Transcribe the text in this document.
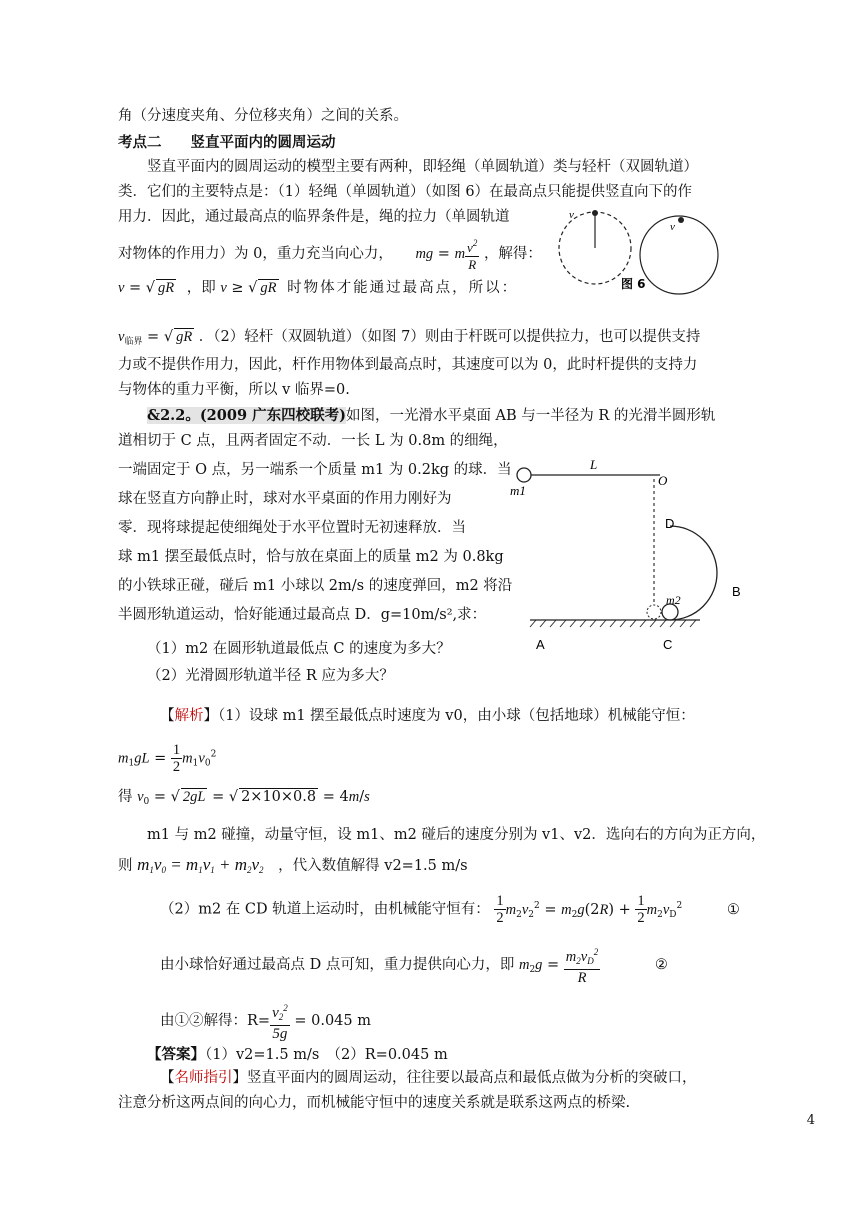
角（分速度夹角、分位移夹角）之间的关系。
考点二　　竖直平面内的圆周运动
竖直平面内的圆周运动的模型主要有两种，即轻绳（单圆轨道）类与轻杆（双圆轨道）
类．它们的主要特点是：（1）轻绳（单圆轨道）（如图 6）在最高点只能提供竖直向下的作
用力．因此，通过最高点的临界条件是，绳的拉力（单圆轨道
对物体的作用力）为 0，重力充当向心力， mg = m $\frac{v^2}{R}$ ，解得：
v = √ gR ，即 v ≥ √ gR 时物体才能通过最高点，所以：
v
v
图 6
$v_{临界}$ = √ gR ．（2）轻杆（双圆轨道）（如图 7）则由于杆既可以提供拉力，也可以提供支持
力或不提供作用力，因此，杆作用物体到最高点时，其速度可以为 0，此时杆提供的支持力
与物体的重力平衡，所以 v 临界=0.
&2.2。(2009 广东四校联考)如图，一光滑水平桌面 AB 与一半径为 R 的光滑半圆形轨
道相切于 C 点，且两者固定不动．一长 L 为 0.8m 的细绳，
一端固定于 O 点，另一端系一个质量 m1 为 0.2kg 的球．当
球在竖直方向静止时，球对水平桌面的作用力刚好为
零．现将球提起使细绳处于水平位置时无初速释放．当
球 m1 摆至最低点时，恰与放在桌面上的质量 m2 为 0.8kg
的小铁球正碰，碰后 m1 小球以 2m/s 的速度弹回，m2 将沿
半圆形轨道运动，恰好能通过最高点 D．g=10m/s²,求：
（1）m2 在圆形轨道最低点 C 的速度为多大？
（2）光滑圆形轨道半径 R 应为多大？
m1
L
O
D
B
m2
A	C
【解析】（1）设球 m1 摆至最低点时速度为 v0，由小球（包括地球）机械能守恒：
$m_1gL = \frac{1}{2} m_1v_0^2$
得 $v_0$ = √ 2gL = √ 2×10×0.8 = 4m/s
m1 与 m2 碰撞，动量守恒，设 m1、m2 碰后的速度分别为 v1、v2．选向右的方向为正方向，
则 $m_1v_0 = m_1v_1 + m_2v_2$ ，代入数值解得 v2=1.5 m/s
（2）m2 在 CD 轨道上运动时，由机械能守恒有： $\frac{1}{2} m_2v_2^2 = m_2g(2R) + \frac{1}{2} m_2v_D^2$	①
由小球恰好通过最高点 D 点可知，重力提供向心力，即 $m_2g = \frac{m_2v_D^2}{R}$	②
由①②解得：$R= \frac{v_2^2}{5g} = 0.045$ m
【答案】（1）v2=1.5 m/s　（2）R=0.045 m
【名师指引】竖直平面内的圆周运动，往往要以最高点和最低点做为分析的突破口，
注意分析这两点间的向心力，而机械能守恒中的速度关系就是联系这两点的桥梁.
4
